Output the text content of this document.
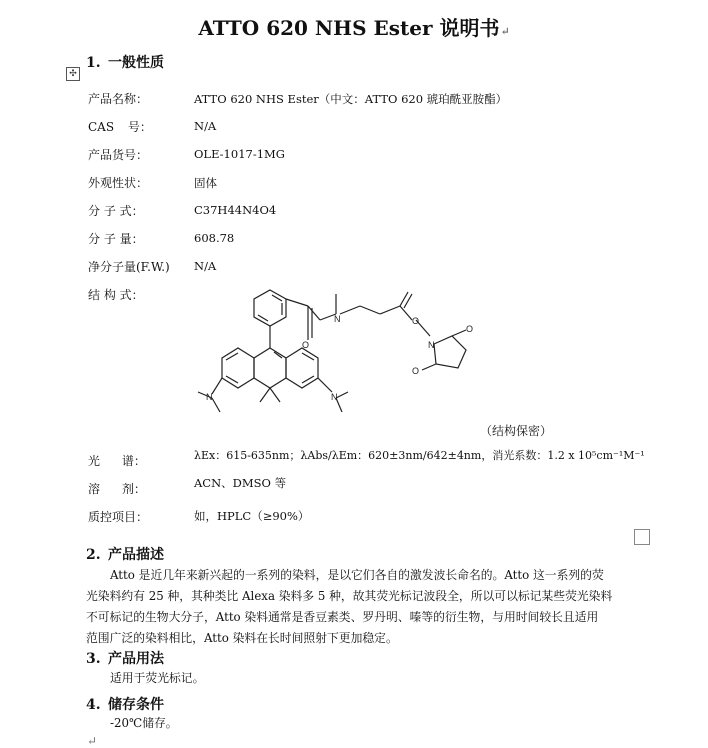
ATTO 620 NHS Ester 说明书↵
✣
1. 一般性质
产品名称：	ATTO 620 NHS Ester（中文：ATTO 620 琥珀酰亚胺酯）
CAS 号：	N/A
产品货号：	OLE-1017-1MG
外观性状：	固体
分 子 式：	C37H44N4O4
分 子 量：	608.78
净分子量(F.W.) N/A
结 构 式：
N
O
O
N
O
O
N	N
（结构保密）
光 谱：	λEx：615-635nm；λAbs/λEm：620±3nm/642±4nm，消光系数：1.2 x 10⁵cm⁻¹M⁻¹
溶 剂：	ACN、DMSO 等
质控项目：	如，HPLC（≥90%）
2. 产品描述
Atto 是近几年来新兴起的一系列的染料，是以它们各自的激发波长命名的。Atto 这一系列的荧
光染料约有 25 种，其种类比 Alexa 染料多 5 种，故其荧光标记波段全，所以可以标记某些荧光染料
不可标记的生物大分子，Atto 染料通常是香豆素类、罗丹明、嗪等的衍生物，与用时间较长且适用
范围广泛的染料相比，Atto 染料在长时间照射下更加稳定。
3. 产品用法
适用于荧光标记。
4. 储存条件
-20℃储存。
↵
